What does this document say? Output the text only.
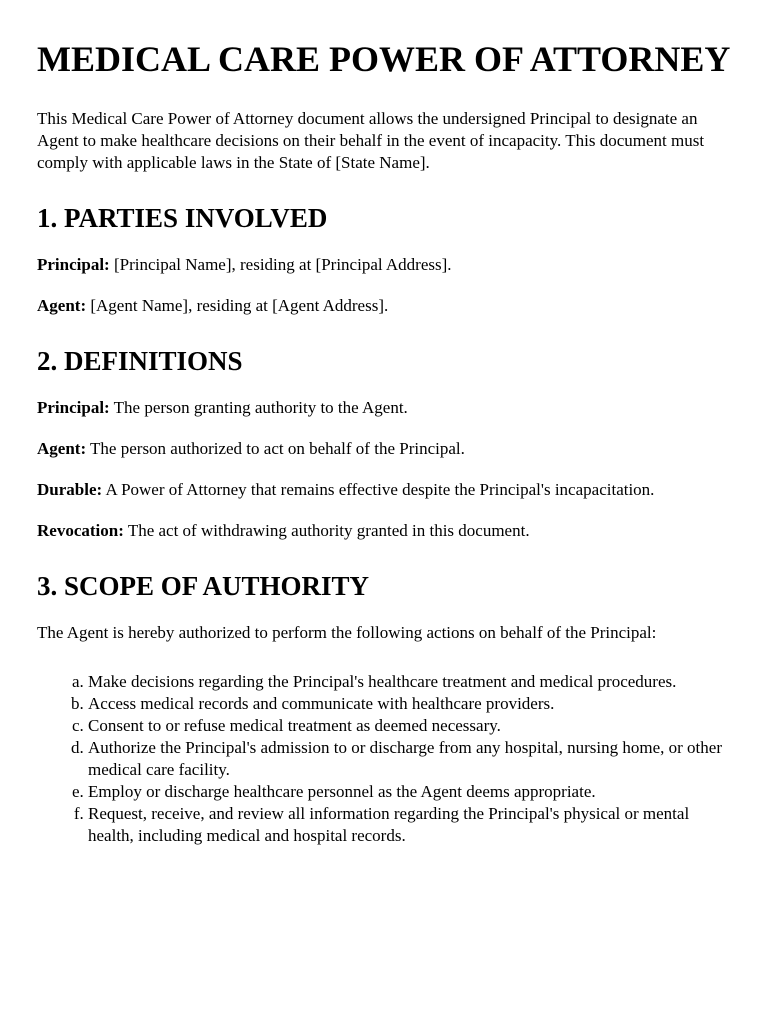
MEDICAL CARE POWER OF ATTORNEY

This Medical Care Power of Attorney document allows the undersigned Principal to designate an Agent to make healthcare decisions on their behalf in the event of incapacity. This document must comply with applicable laws in the State of [State Name].

1. PARTIES INVOLVED

Principal: [Principal Name], residing at [Principal Address].

Agent: [Agent Name], residing at [Agent Address].

2. DEFINITIONS

Principal: The person granting authority to the Agent.

Agent: The person authorized to act on behalf of the Principal.

Durable: A Power of Attorney that remains effective despite the Principal's incapacitation.

Revocation: The act of withdrawing authority granted in this document.

3. SCOPE OF AUTHORITY

The Agent is hereby authorized to perform the following actions on behalf of the Principal:

a. Make decisions regarding the Principal's healthcare treatment and medical procedures.
b. Access medical records and communicate with healthcare providers.
c. Consent to or refuse medical treatment as deemed necessary.
d. Authorize the Principal's admission to or discharge from any hospital, nursing home, or other medical care facility.
e. Employ or discharge healthcare personnel as the Agent deems appropriate.
f. Request, receive, and review all information regarding the Principal's physical or mental health, including medical and hospital records.
